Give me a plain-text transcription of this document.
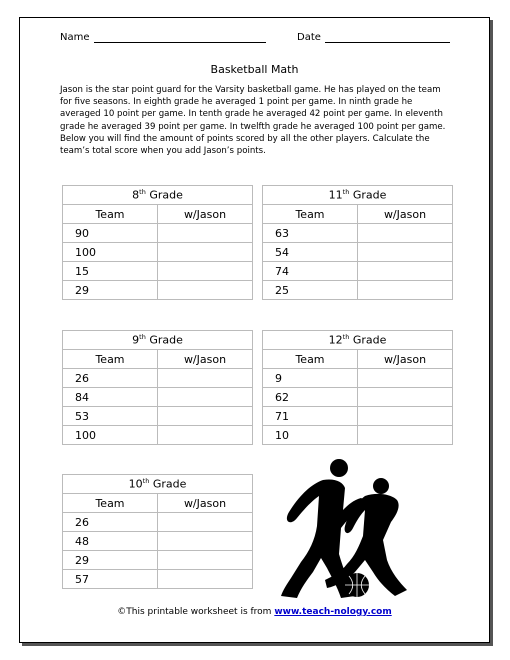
Name	Date
Basketball Math
Jason is the star point guard for the Varsity basketball game. He has played on the team for five seasons. In eighth grade he averaged 1 point per game. In ninth grade he averaged 10 point per game. In tenth grade he averaged 42 point per game. In eleventh grade he averaged 39 point per game. In twelfth grade he averaged 100 point per game. Below you will find the amount of points scored by all the other players. Calculate the team’s total score when you add Jason’s points.
8th Grade	
Team	w/Jason
90	
100	
15	
29	
11th Grade	
Team	w/Jason
63	
54	
74	
25	
9th Grade	
Team	w/Jason
26	
84	
53	
100	
12th Grade	
Team	w/Jason
9	
62	
71	
10	
10th Grade	
Team	w/Jason
26	
48	
29	
57	
©This printable worksheet is from www.teach-nology.com
